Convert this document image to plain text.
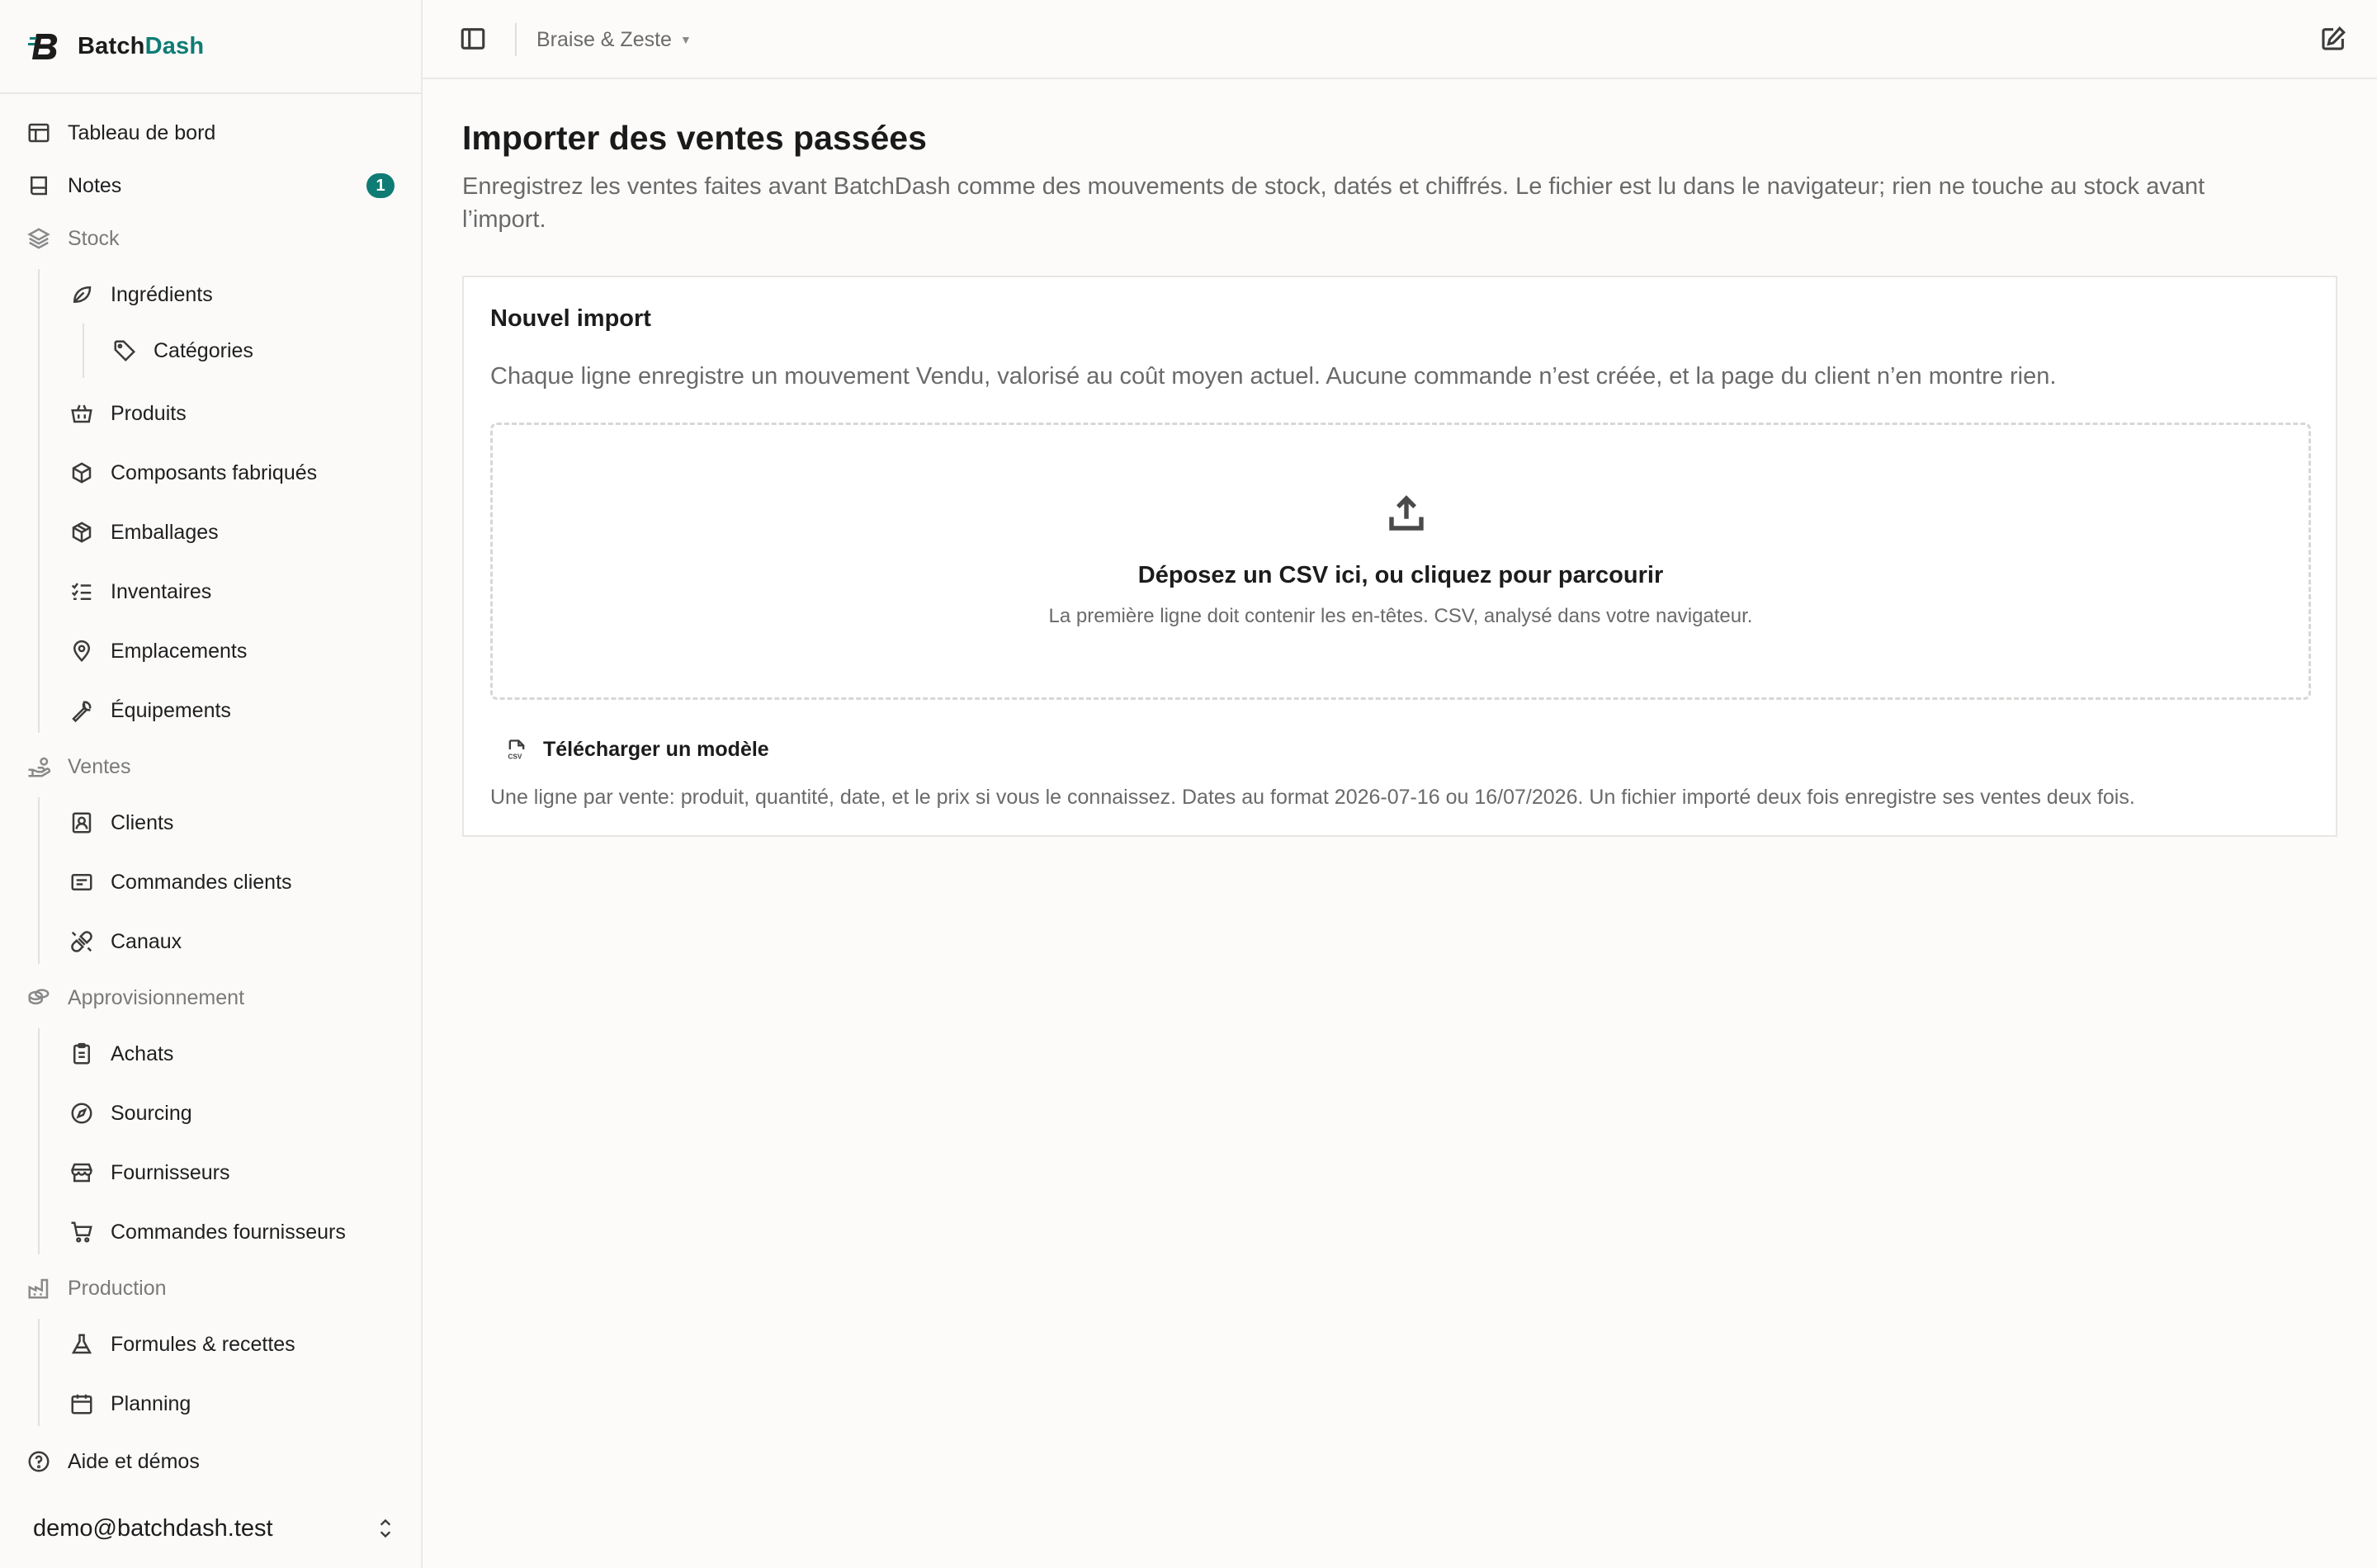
BatchDash
Tableau de bord
Notes	1
Stock
Ingrédients
Catégories
Produits
Composants fabriqués
Emballages
Inventaires
Emplacements
Équipements
Ventes
Clients
Commandes clients
Canaux
Approvisionnement
Achats
Sourcing
Fournisseurs
Commandes fournisseurs
Production
Formules & recettes
Planning
Aide et démos
demo@batchdash.test
Braise & Zeste ▼
Importer des ventes passées

Enregistrez les ventes faites avant BatchDash comme des mouvements de stock, datés et chiffrés. Le fichier est lu dans le navigateur; rien ne touche au stock avant l’import.

Nouvel import
Chaque ligne enregistre un mouvement Vendu, valorisé au coût moyen actuel. Aucune commande n’est créée, et la page du client n’en montre rien.
Déposez un CSV ici, ou cliquez pour parcourir
La première ligne doit contenir les en-têtes. CSV, analysé dans votre navigateur.
CSV Télécharger un modèle
Une ligne par vente: produit, quantité, date, et le prix si vous le connaissez. Dates au format 2026-07-16 ou 16/07/2026. Un fichier importé deux fois enregistre ses ventes deux fois.
